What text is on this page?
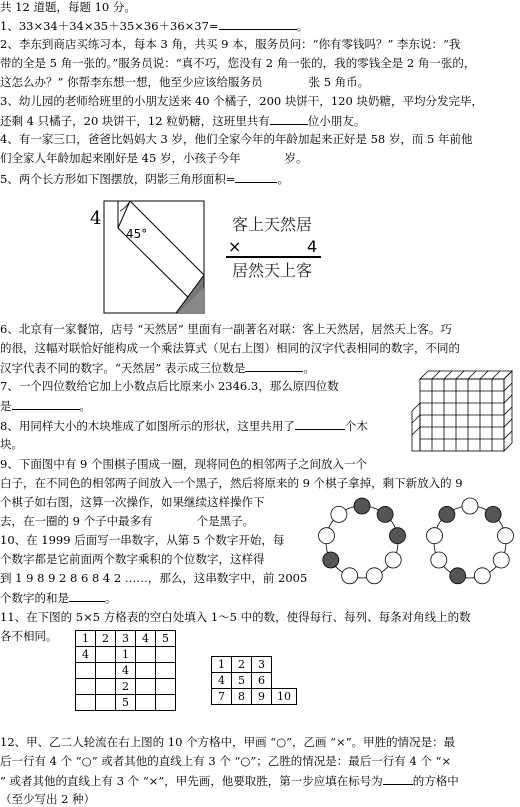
共 12 道题，每题 10 分。
1、33×34＋34×35＋35×36＋36×37=	。
2、李东到商店买练习本，每本 3 角，共买 9 本，服务员问：“你有零钱吗？” 李东说：“我
带的全是 5 角一张的。”服务员说：“真不巧，您没有 2 角一张的，我的零钱全是 2 角一张的，
这怎么办？” 你帮李东想一想，他至少应该给服务员	张 5 角币。
3、幼儿园的老师给班里的小朋友送来 40 个橘子，200 块饼干，120 块奶糖，平均分发完毕，
还剩 4 只橘子，20 块饼干，12 粒奶糖，这班里共有	位小朋友。
4、有一家三口，爸爸比妈妈大 3 岁，他们全家今年的年龄加起来正好是 58 岁，而 5 年前他
们全家人年龄加起来刚好是 45 岁，小孩子今年	岁。
5、两个长方形如下图摆放，阴影三角形面积=	。
4
45°	客上天然居
×	4
居然天上客
6、北京有一家餐馆，店号 “天然居” 里面有一副著名对联：客上天然居，居然天上客。巧
的很，这幅对联恰好能构成一个乘法算式（见右上图）相同的汉字代表相同的数字，不同的
汉字代表不同的数字。“天然居” 表示成三位数是	。
7、一个四位数给它加上小数点后比原来小 2346.3，那么原四位数
是	。
8、用同样大小的木块堆成了如图所示的形状，这里共用了	个木
块。
9、下面图中有 9 个围棋子围成一圈，现将同色的相邻两子之间放入一个
白子，在不同色的相邻两子间放入一个黑子，然后将原来的 9 个棋子拿掉，剩下新放入的 9
个棋子如右图，这算一次操作，如果继续这样操作下
去，在一圈的 9 个子中最多有	个是黑子。
10、在 1999 后面写一串数字，从第 5 个数字开始，每
个数字都是它前面两个数字乘积的个位数字，这样得
到 1 9 8 9 2 8 6 8 4 2 ……，那么，这串数字中，前 2005
个数字的和是	。
11、在下图的 5×5 方格表的空白处填入 1～5 中的数，使得每行、每列、每条对角线上的数
各不相同。 1	2	3	4	5
4		1		
		4		
		2		
		5		
1	2	3	
4	5	6	
7	8	9	10
12、甲、乙二人轮流在右上图的 10 个方格中，甲画 “○”，乙画 “×”。甲胜的情况是：最
后一行有 4 个 “○” 或者其他的直线上有 3 个 “○”；乙胜的情况是：最后一行有 4 个 “×
” 或者其他的直线上有 3 个 “×”，甲先画，他要取胜，第一步应填在标号为	的方格中
（至少写出 2 种）
